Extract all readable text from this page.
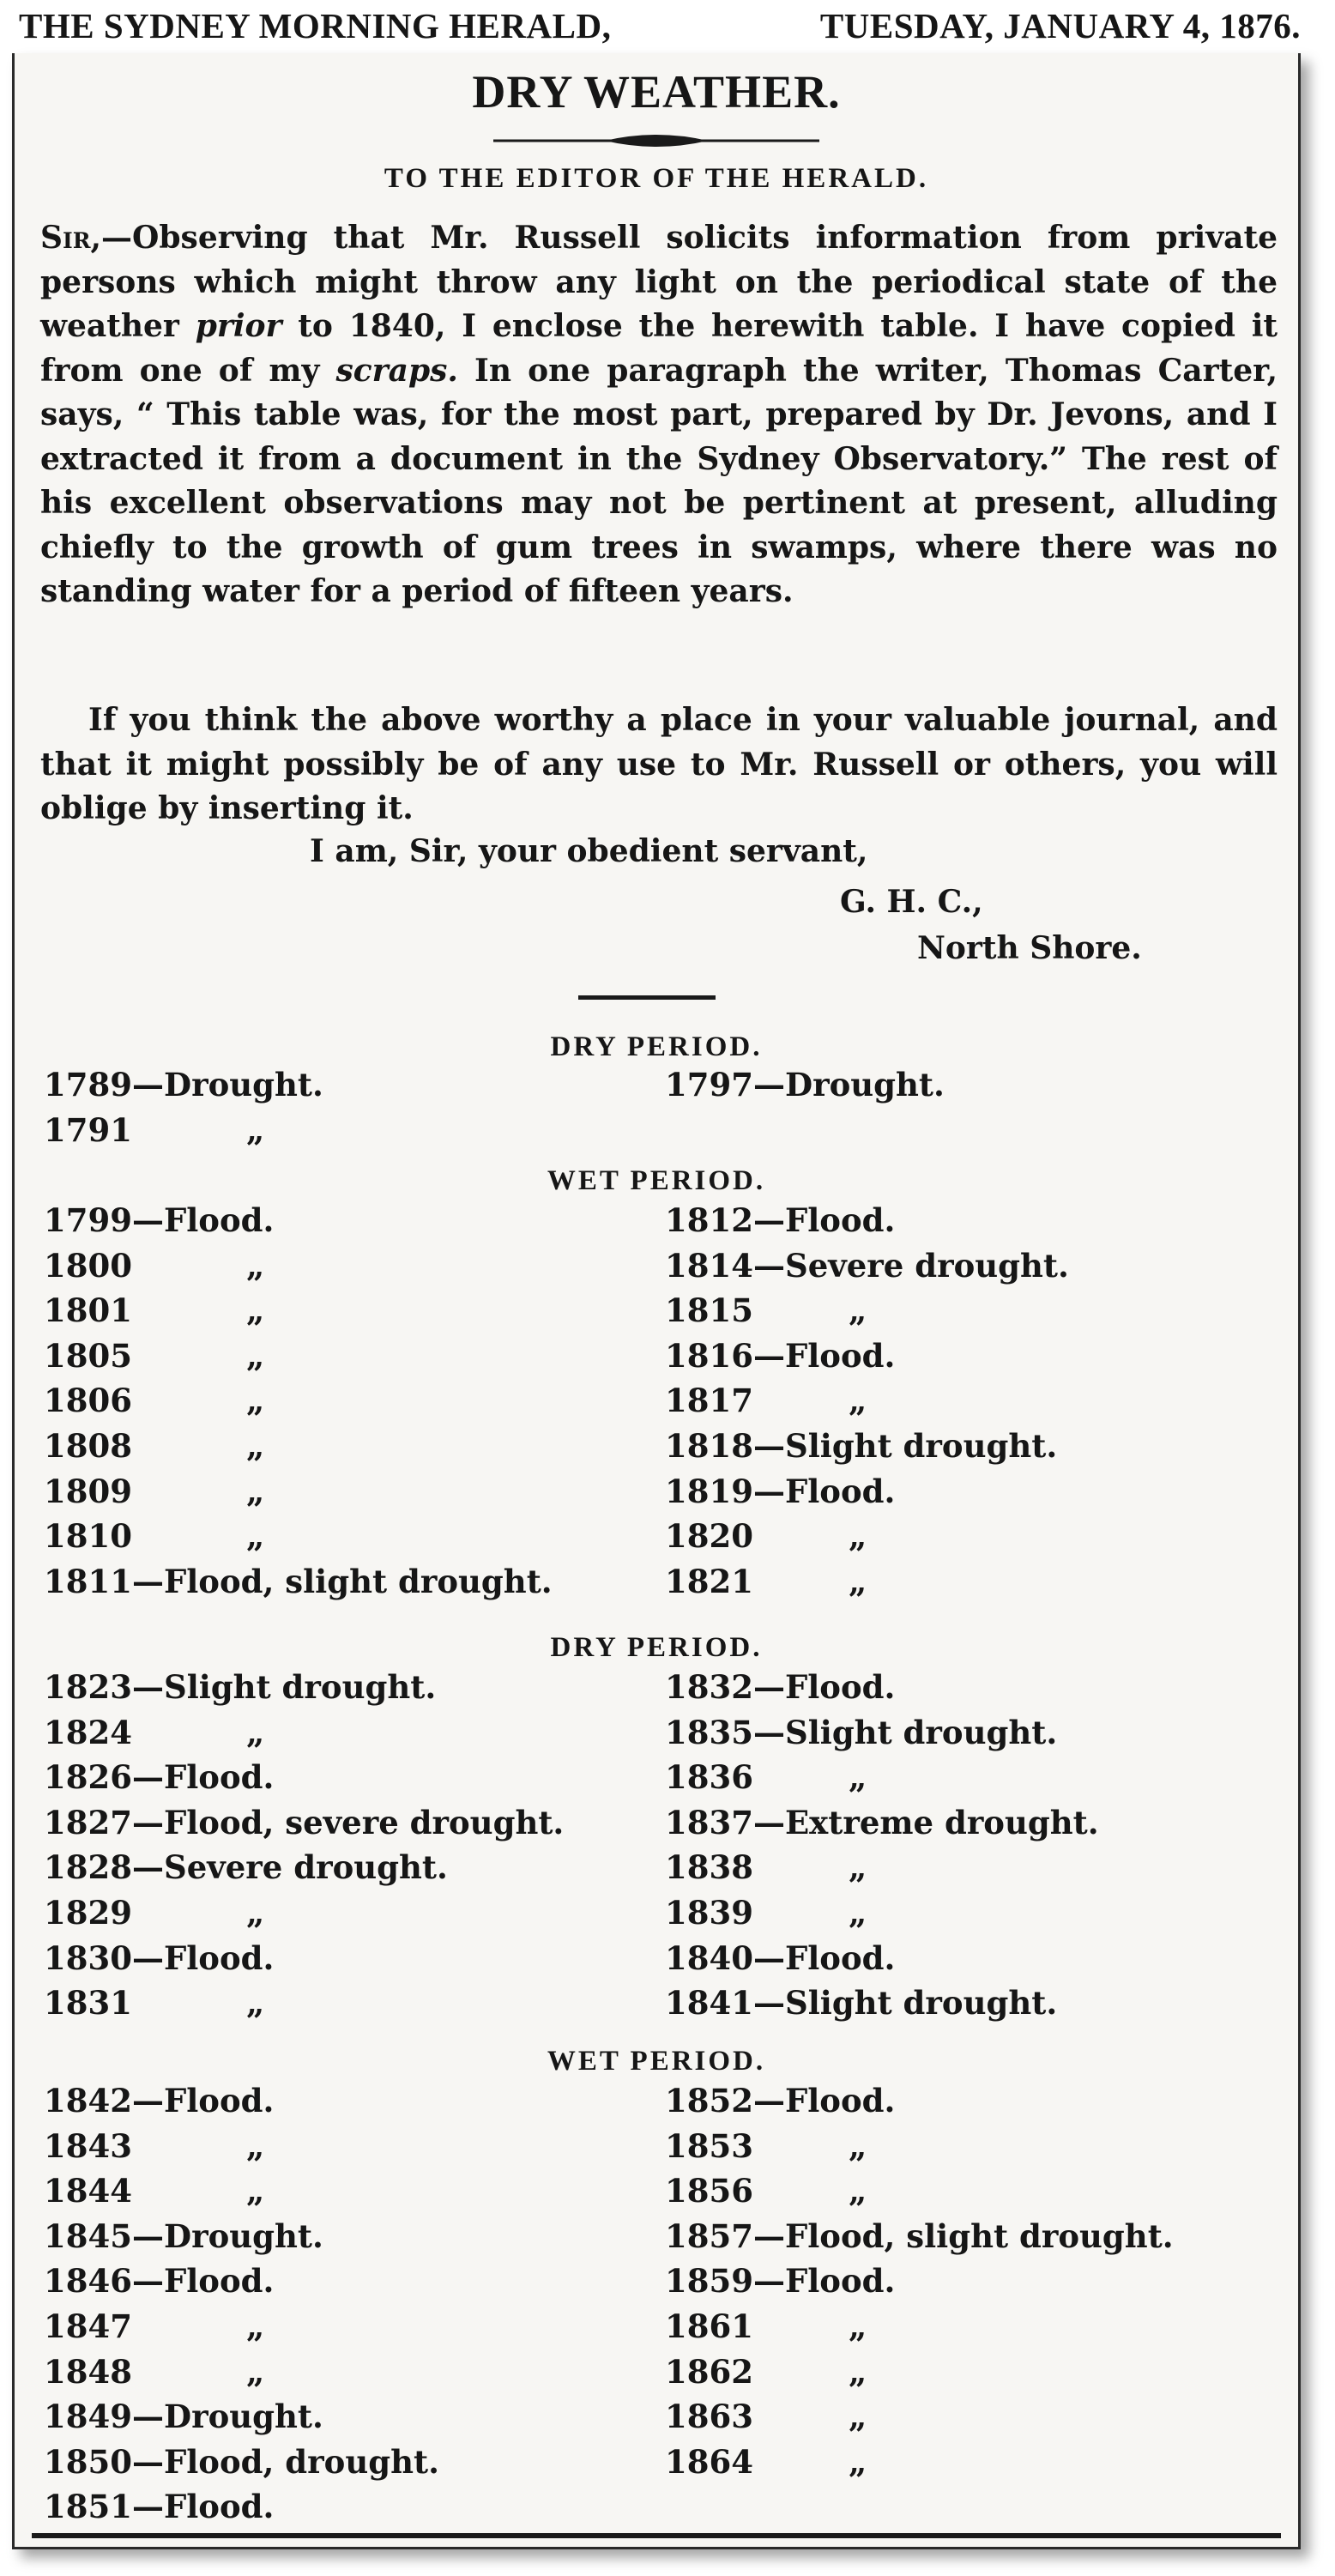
THE SYDNEY MORNING HERALD,	TUESDAY, JANUARY 4, 1876.
DRY WEATHER.
TO THE EDITOR OF THE HERALD.
Sir,—Observing that Mr. Russell solicits information from private persons which might throw any light on the periodical state of the weather prior to 1840, I enclose the herewith table. I have copied it from one of my scraps. In one paragraph the writer, Thomas Carter, says, “ This table was, for the most part, prepared by Dr. Jevons, and I extracted it from a document in the Sydney Observatory.” The rest of his excellent observations may not be pertinent at present, alluding chiefly to the growth of gum trees in swamps, where there was no standing water for a period of fifteen years.
If you think the above worthy a place in your valuable journal, and that it might possibly be of any use to Mr. Russell or others, you will oblige by inserting it.
I am, Sir, your obedient servant,
G. H. C.,
North Shore.
DRY PERIOD.
1789—Drought.
1791	„
1797—Drought.
WET PERIOD.
1799—Flood.
1800	„
1801	„
1805	„
1806	„
1808	„
1809	„
1810	„
1811—Flood, slight drought.
1812—Flood.
1814—Severe drought.
1815	„
1816—Flood.
1817	„
1818—Slight drought.
1819—Flood.
1820	„
1821	„
DRY PERIOD.
1823—Slight drought.
1824	„
1826—Flood.
1827—Flood, severe drought.
1828—Severe drought.
1829	„
1830—Flood.
1831	„
1832—Flood.
1835—Slight drought.
1836	„
1837—Extreme drought.
1838	„
1839	„
1840—Flood.
1841—Slight drought.
WET PERIOD.
1842—Flood.
1843	„
1844	„
1845—Drought.
1846—Flood.
1847	„
1848	„
1849—Drought.
1850—Flood, drought.
1851—Flood.
1852—Flood.
1853	„
1856	„
1857—Flood, slight drought.
1859—Flood.
1861	„
1862	„
1863	„
1864	„
